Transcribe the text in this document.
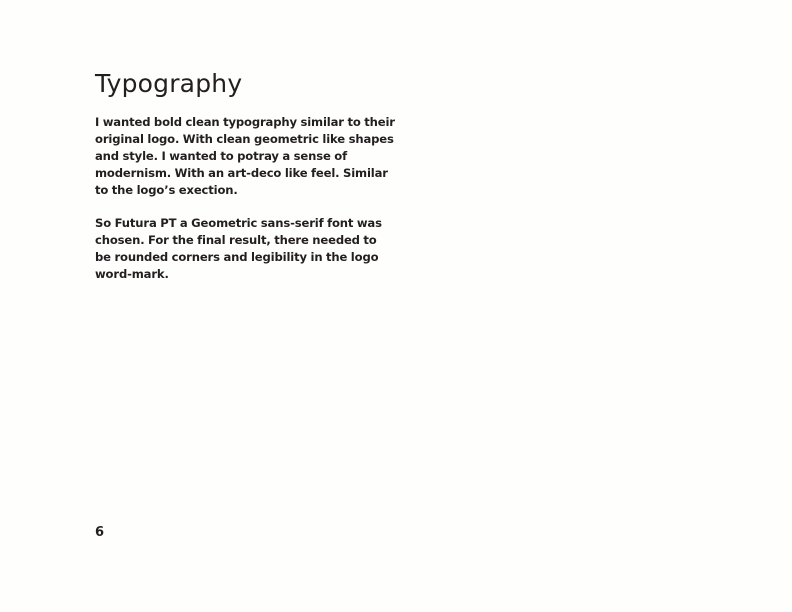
Typography

I wanted bold clean typography similar to their original logo. With clean geometric like shapes and style. I wanted to potray a sense of modernism. With an art-deco like feel. Similar to the logo’s exection.

So Futura PT a Geometric sans-serif font was chosen. For the final result, there needed to be rounded corners and legibility in the logo word-mark.

6
